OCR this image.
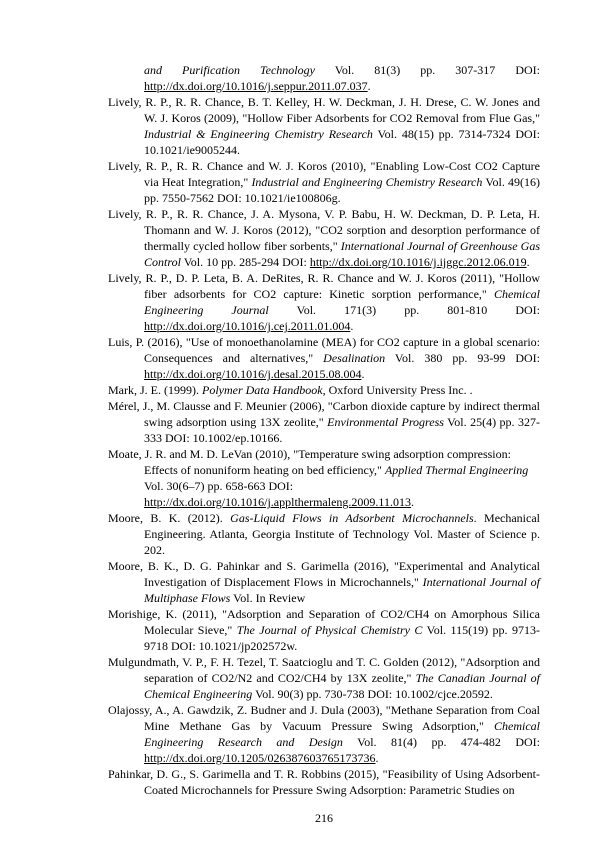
and Purification Technology Vol. 81(3) pp. 307-317 DOI: http://dx.doi.org/10.1016/j.seppur.2011.07.037.

Lively, R. P., R. R. Chance, B. T. Kelley, H. W. Deckman, J. H. Drese, C. W. Jones and W. J. Koros (2009), "Hollow Fiber Adsorbents for CO2 Removal from Flue Gas," Industrial & Engineering Chemistry Research Vol. 48(15) pp. 7314-7324 DOI: 10.1021/ie9005244.

Lively, R. P., R. R. Chance and W. J. Koros (2010), "Enabling Low-Cost CO2 Capture via Heat Integration," Industrial and Engineering Chemistry Research Vol. 49(16) pp. 7550-7562 DOI: 10.1021/ie100806g.

Lively, R. P., R. R. Chance, J. A. Mysona, V. P. Babu, H. W. Deckman, D. P. Leta, H. Thomann and W. J. Koros (2012), "CO2 sorption and desorption performance of thermally cycled hollow fiber sorbents," International Journal of Greenhouse Gas Control Vol. 10 pp. 285-294 DOI: http://dx.doi.org/10.1016/j.ijggc.2012.06.019.

Lively, R. P., D. P. Leta, B. A. DeRites, R. R. Chance and W. J. Koros (2011), "Hollow fiber adsorbents for CO2 capture: Kinetic sorption performance," Chemical Engineering Journal Vol. 171(3) pp. 801-810 DOI: http://dx.doi.org/10.1016/j.cej.2011.01.004.

Luis, P. (2016), "Use of monoethanolamine (MEA) for CO2 capture in a global scenario: Consequences and alternatives," Desalination Vol. 380 pp. 93-99 DOI: http://dx.doi.org/10.1016/j.desal.2015.08.004.

Mark, J. E. (1999). Polymer Data Handbook, Oxford University Press Inc. .

Mérel, J., M. Clausse and F. Meunier (2006), "Carbon dioxide capture by indirect thermal swing adsorption using 13X zeolite," Environmental Progress Vol. 25(4) pp. 327-333 DOI: 10.1002/ep.10166.

Moate, J. R. and M. D. LeVan (2010), "Temperature swing adsorption compression:
Effects of nonuniform heating on bed efficiency," Applied Thermal Engineering
Vol. 30(6–7) pp. 658-663 DOI:
http://dx.doi.org/10.1016/j.applthermaleng.2009.11.013.

Moore, B. K. (2012). Gas-Liquid Flows in Adsorbent Microchannels. Mechanical Engineering. Atlanta, Georgia Institute of Technology Vol. Master of Science p. 202.

Moore, B. K., D. G. Pahinkar and S. Garimella (2016), "Experimental and Analytical Investigation of Displacement Flows in Microchannels," International Journal of Multiphase Flows Vol. In Review

Morishige, K. (2011), "Adsorption and Separation of CO2/CH4 on Amorphous Silica Molecular Sieve," The Journal of Physical Chemistry C Vol. 115(19) pp. 9713-9718 DOI: 10.1021/jp202572w.

Mulgundmath, V. P., F. H. Tezel, T. Saatcioglu and T. C. Golden (2012), "Adsorption and separation of CO2/N2 and CO2/CH4 by 13X zeolite," The Canadian Journal of Chemical Engineering Vol. 90(3) pp. 730-738 DOI: 10.1002/cjce.20592.

Olajossy, A., A. Gawdzik, Z. Budner and J. Dula (2003), "Methane Separation from Coal Mine Methane Gas by Vacuum Pressure Swing Adsorption," Chemical Engineering Research and Design Vol. 81(4) pp. 474-482 DOI: http://dx.doi.org/10.1205/026387603765173736.

Pahinkar, D. G., S. Garimella and T. R. Robbins (2015), "Feasibility of Using Adsorbent-Coated Microchannels for Pressure Swing Adsorption: Parametric Studies on

216
